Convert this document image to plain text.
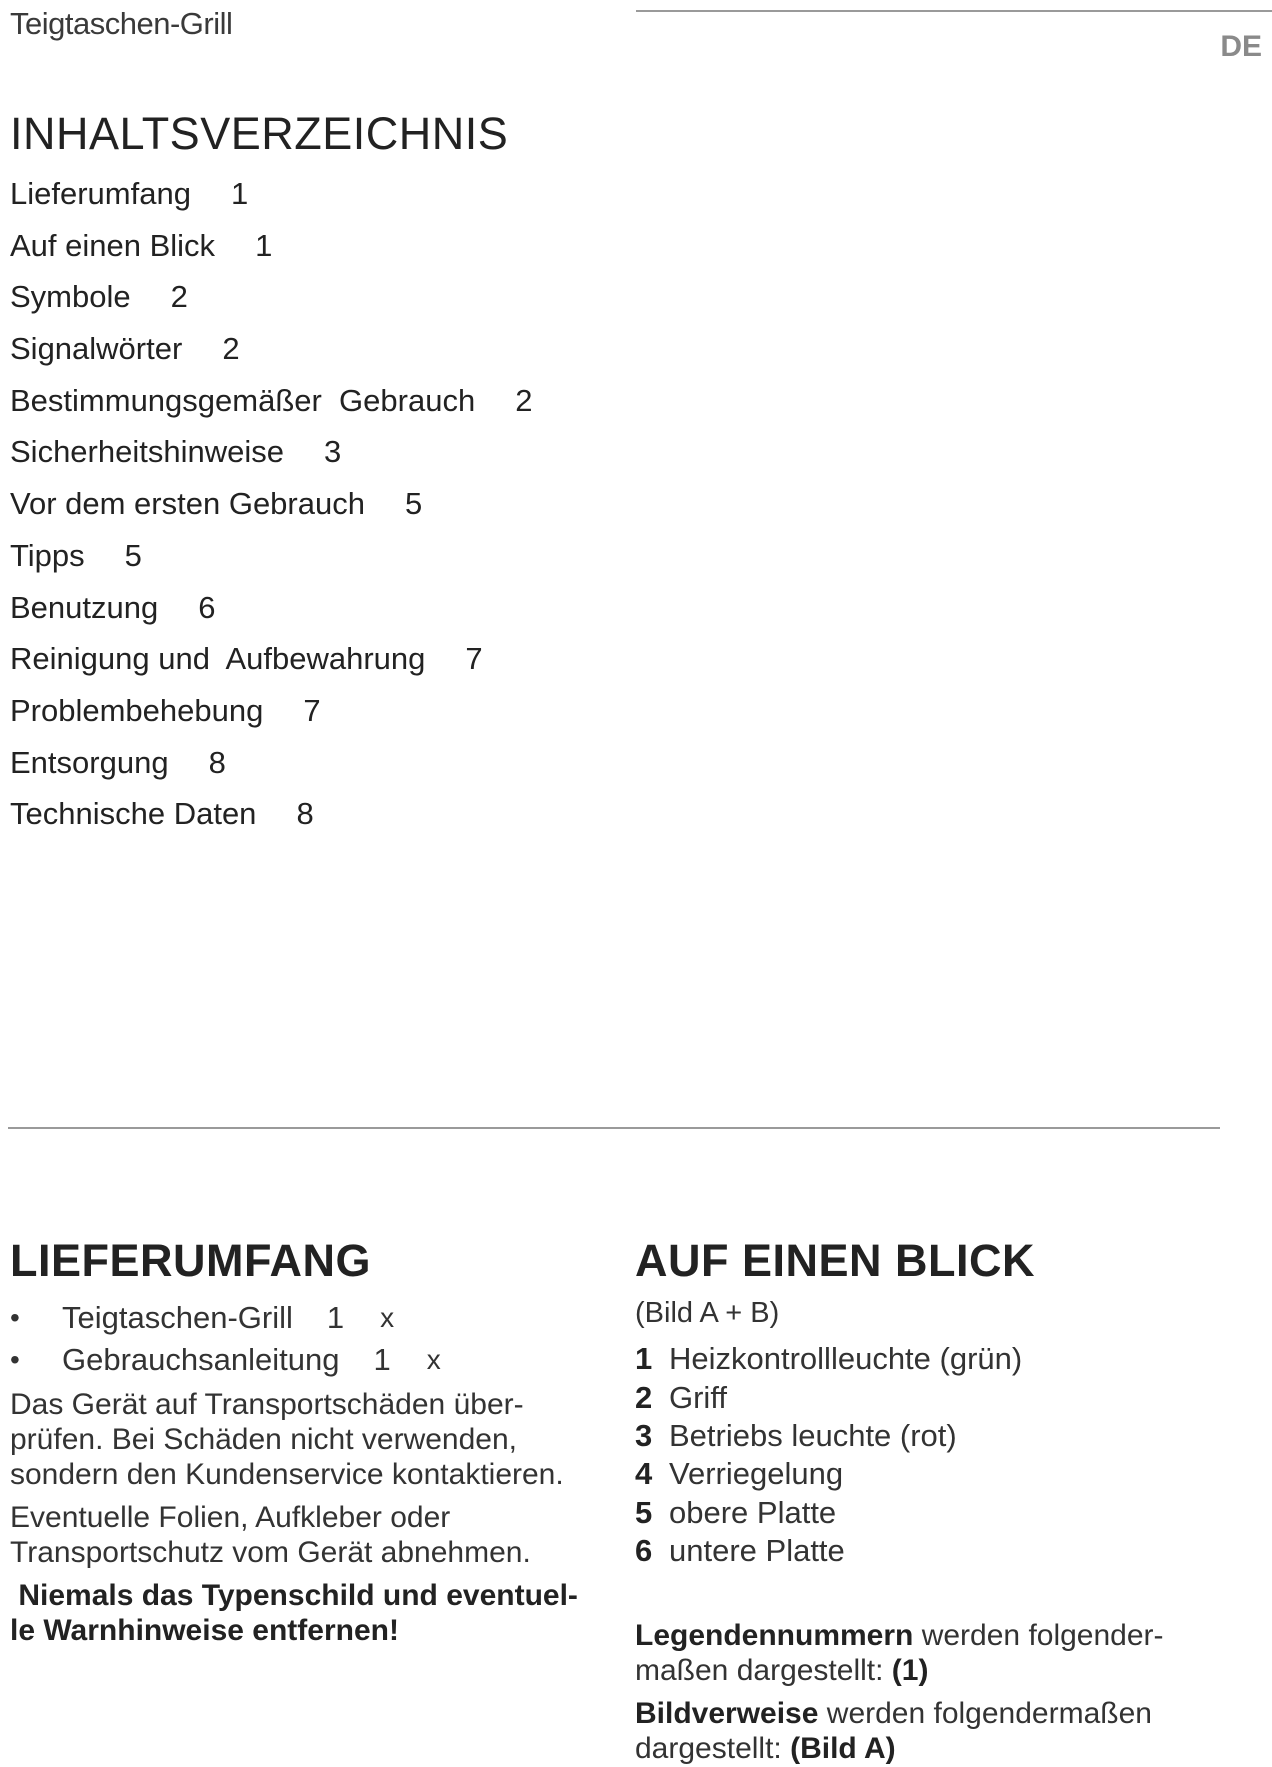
Teigtaschen-Grill
DE
INHALTSVERZEICHNIS
Lieferumfang 1
Auf einen Blick 1
Symbole 2
Signalwörter 2
Bestimmungsgemäßer  Gebrauch 2
Sicherheitshinweise 3
Vor dem ersten Gebrauch 5
Tipps 5
Benutzung 6
Reinigung und  Aufbewahrung 7
Problembehebung 7
Entsorgung 8
Technische Daten 8
LIEFERUMFANG
•	Teigtaschen-Grill 1 x
•	Gebrauchsanleitung 1 x

Das Gerät auf Transportschäden über-
prüfen. Bei Schäden nicht verwenden,
sondern den Kundenservice kontaktieren.

Eventuelle Folien, Aufkleber oder
Transportschutz vom Gerät abnehmen.

Niemals das Typenschild und eventuel-
le Warnhinweise entfernen!
AUF EINEN BLICK
(Bild A + B)
1 Heizkontrollleuchte (grün)
2 Griff
3 Betriebs leuchte (rot)
4 Verriegelung
5 obere Platte
6 untere Platte

Legendennummern werden folgender-
maßen dargestellt: (1)

Bildverweise werden folgendermaßen
dargestellt: (Bild A)
